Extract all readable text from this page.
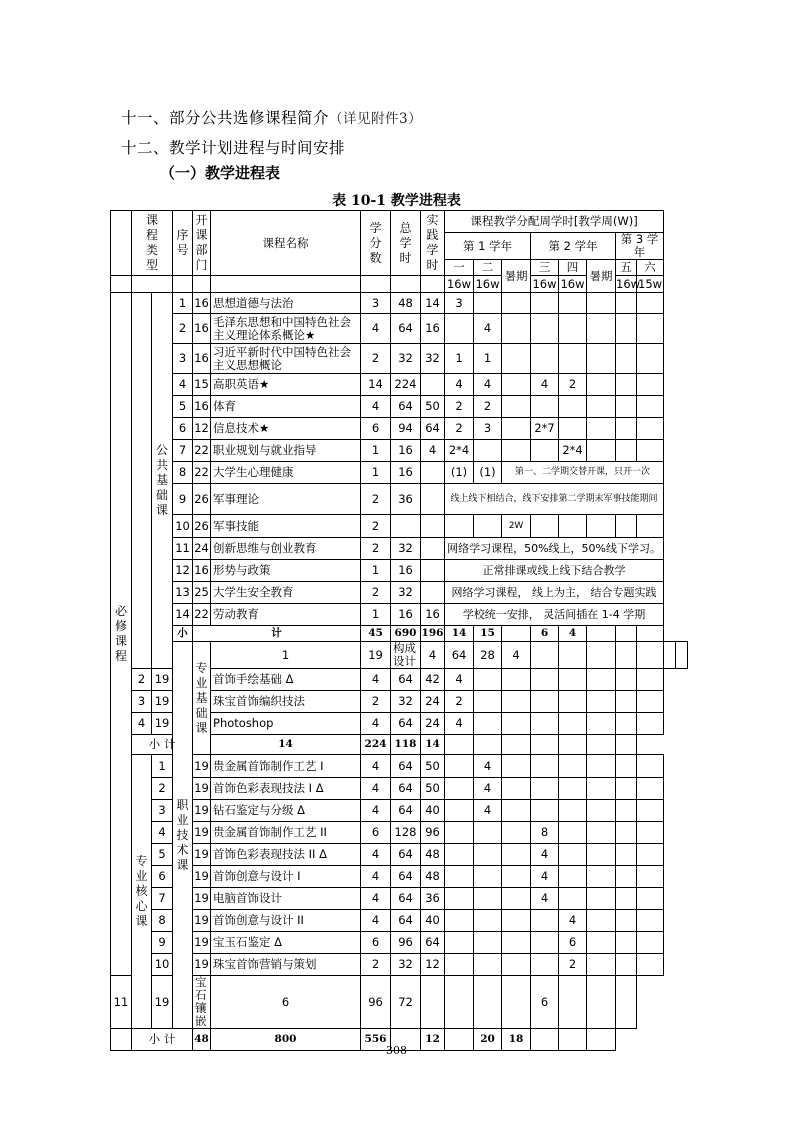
十一、部分公共选修课程简介（详见附件3）
十二、教学计划进程与时间安排
（一）教学进程表
表 10-1 教学进程表
	课
程
类
型		序
号	开
课
部
门	课程名称	学
分
数	总
学
时	实
践
学
时	课程教学分配周学时[教学周(W)]									
									第 1 学年			第 2 学年			第 3 学年			
									一	二	暑期	三	四	暑期	五	六		
									16w	16w		16w	16w		16w	15w		
必
修
课
程		公
共
基
础
课	1	16	思想道德与法治	3	48	14	3									
			2	16	毛泽东思想和中国特色社会主义理论体系概论★	4	64	16		4								
			3	16	习近平新时代中国特色社会主义思想概论	2	32	32	1	1								
			4	15	高职英语★	14	224		4	4		4	2					
			5	16	体育	4	64	50	2	2								
			6	12	信息技术★	6	94	64	2	3		2*7						
			7	22	职业规划与就业指导	1	16	4	2*4				2*4					
			8	22	大学生心理健康	1	16		(1)	(1)	第一、二学期交替开课，只开一次							
			9	26	军事理论	2	36		线上线下相结合，线下安排第二学期末军事技能期间									
			10	26	军事技能	2					2W							
			11	24	创新思维与创业教育	2	32		网络学习课程，50%线上，50%线下学习。									
			12	16	形势与政策	1	16		正常排课或线上线下结合教学									
			13	25	大学生安全教育	2	32		网络学习课程， 线上为主， 结合专题实践									
			14	22	劳动教育	1	16	16	学校统一安排， 灵活间插在 1-4 学期									
			小	计		45	690	196	14	15		6	4					
			职
业
技
术
课	专
业
基
础
课	1	19	构成设计	4	64	28	4							
	2	19			首饰手绘基础 Δ	4	64	42	4									
	3	19			珠宝首饰编织技法	2	32	24	2									
	4	19			Photoshop	4	64	24	4									
	小 计				14	224	118	14										
	专
业
核
心
课	1		19	贵金属首饰制作工艺 I	4	64	50		4								
		2		19	首饰色彩表现技法 I Δ	4	64	50		4								
		3		19	钻石鉴定与分级 Δ	4	64	40		4								
		4		19	贵金属首饰制作工艺 II	6	128	96				8						
		5		19	首饰色彩表现技法 II Δ	4	64	48				4						
		6		19	首饰创意与设计 I	4	64	48				4						
		7		19	电脑首饰设计	4	64	36				4						
		8		19	首饰创意与设计 II	4	64	40					4					
		9		19	宝玉石鉴定 Δ	6	96	64					6					
		10		19	珠宝首饰营销与策划	2	32	12					2					
11		19		宝石镶嵌	6	96	72					6						
	小 计			48	800	556		12		20	18							
308
